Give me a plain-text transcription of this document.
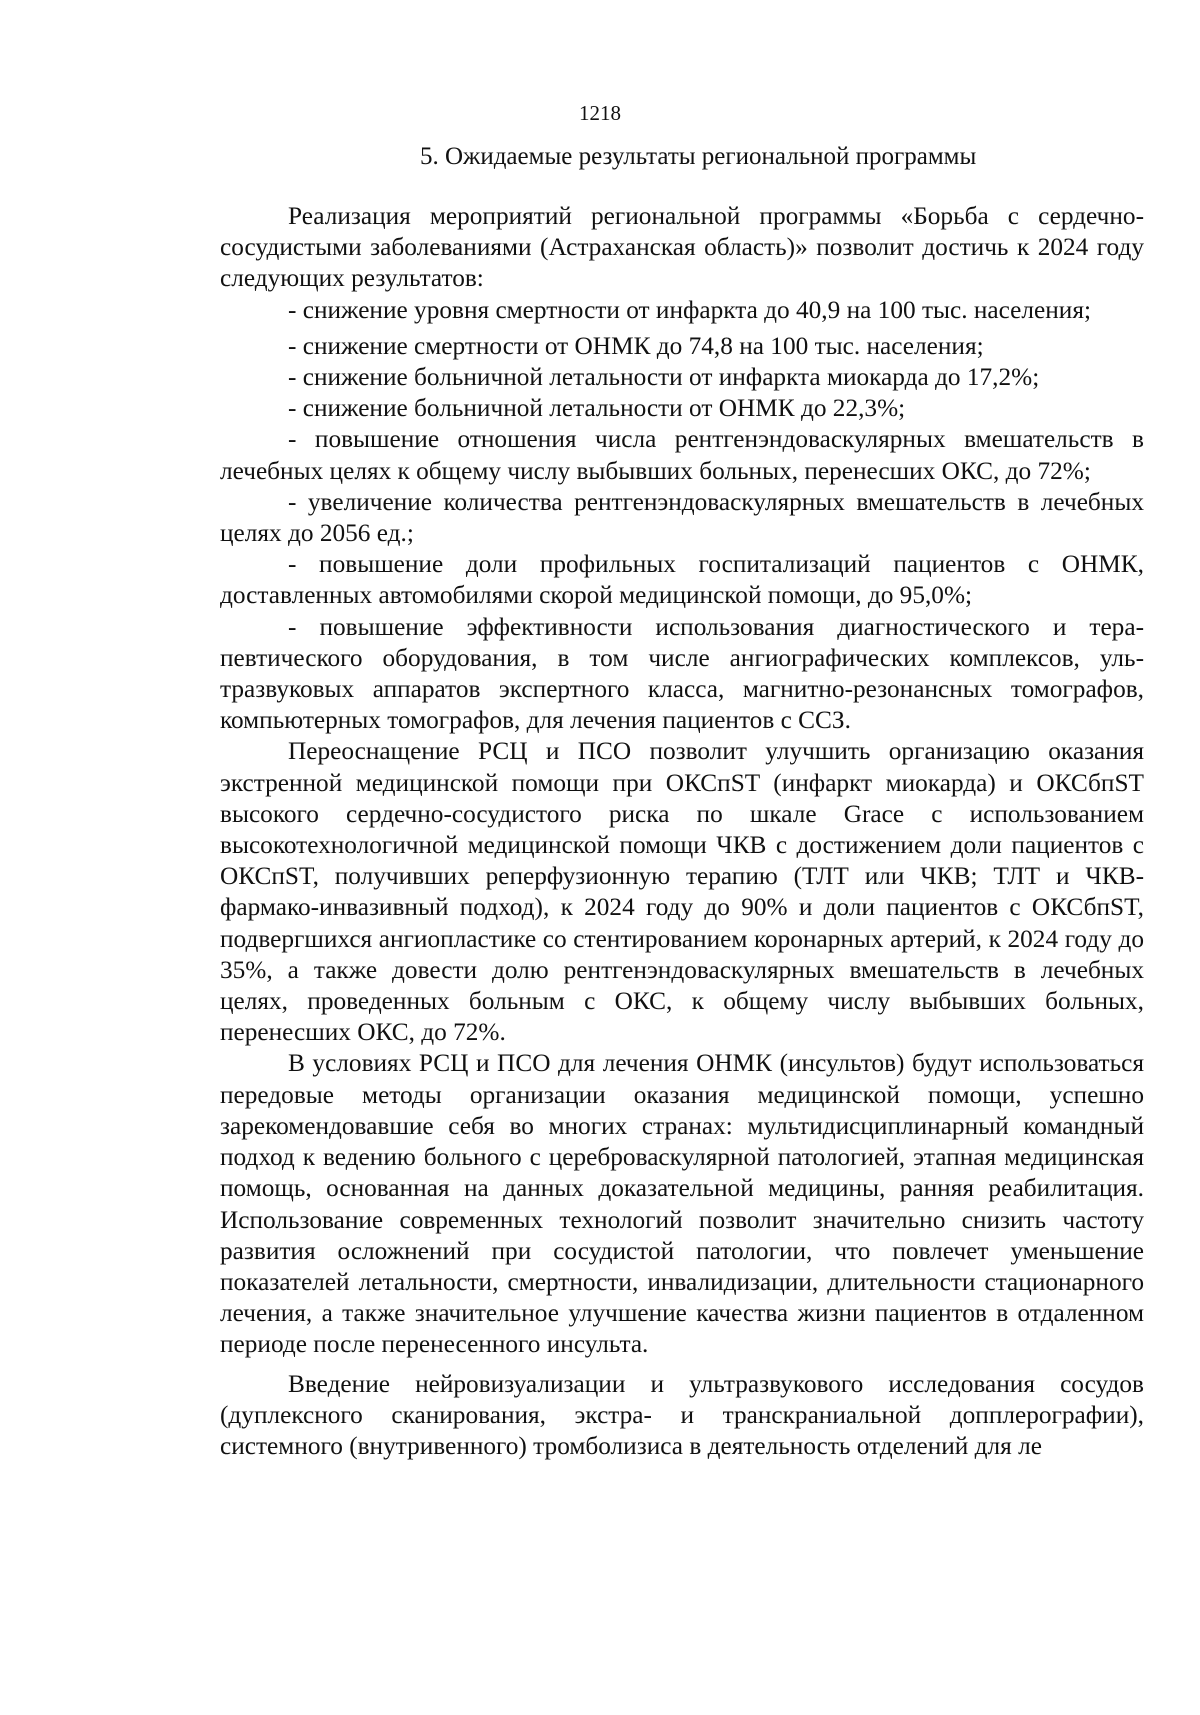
1218
5. Ожидаемые результаты региональной программы

Реализация мероприятий региональной программы «Борьба с сердечно-сосудистыми заболеваниями (Астраханская область)» позволит достичь к 2024 году следующих результатов:

- снижение уровня смертности от инфаркта до 40,9 на 100 тыс. населения;

- снижение смертности от ОНМК до 74,8 на 100 тыс. населения;

- снижение больничной летальности от инфаркта миокарда до 17,2%;

- снижение больничной летальности от ОНМК до 22,3%;

- повышение отношения числа рентгенэндоваскулярных вмешательств в лечебных целях к общему числу выбывших больных, перенесших ОКС, до 72%;

- увеличение количества рентгенэндоваскулярных вмешательств в лечебных целях до 2056 ед.;

- повышение доли профильных госпитализаций пациентов с ОНМК, доставленных автомобилями скорой медицинской помощи, до 95,0%;

- повышение эффективности использования диагностического и терапевтического оборудования, в том числе ангиографических комплексов, ультразвуковых аппаратов экспертного класса, магнитно-резонансных томографов, компьютерных томографов, для лечения пациентов с ССЗ.

Переоснащение РСЦ и ПСО позволит улучшить организацию оказания экстренной медицинской помощи при ОКСпST (инфаркт миокарда) и ОКСбпST высокого сердечно-сосудистого риска по шкале Grace с использованием высокотехнологичной медицинской помощи ЧКВ с достижением доли пациентов с ОКСпST, получивших реперфузионную терапию (ТЛТ или ЧКВ; ТЛТ и ЧКВ-фармако-инвазивный подход), к 2024 году до 90% и доли пациентов с ОКСбпST, подвергшихся ангиопластике со стентированием коронарных артерий, к 2024 году до 35%, а также довести долю рентгенэндоваскулярных вмешательств в лечебных целях, проведенных больным с ОКС, к общему числу выбывших больных, перенесших ОКС, до 72%.

В условиях РСЦ и ПСО для лечения ОНМК (инсультов) будут использоваться передовые методы организации оказания медицинской помощи, успешно зарекомендовавшие себя во многих странах: мультидисциплинарный командный подход к ведению больного с цереброваскулярной патологией, этапная медицинская помощь, основанная на данных доказательной медицины, ранняя реабилитация. Использование современных технологий позволит значительно снизить частоту развития осложнений при сосудистой патологии, что повлечет уменьшение показателей летальности, смертности, инвалидизации, длительности стационарного лечения, а также значительное улучшение качества жизни пациентов в отдаленном периоде после перенесенного инсульта.

Введение нейровизуализации и ультразвукового исследования сосудов (дуплексного сканирования, экстра- и транскраниальной допплерографии), системного (внутривенного) тромболизиса в деятельность отделений для ле
